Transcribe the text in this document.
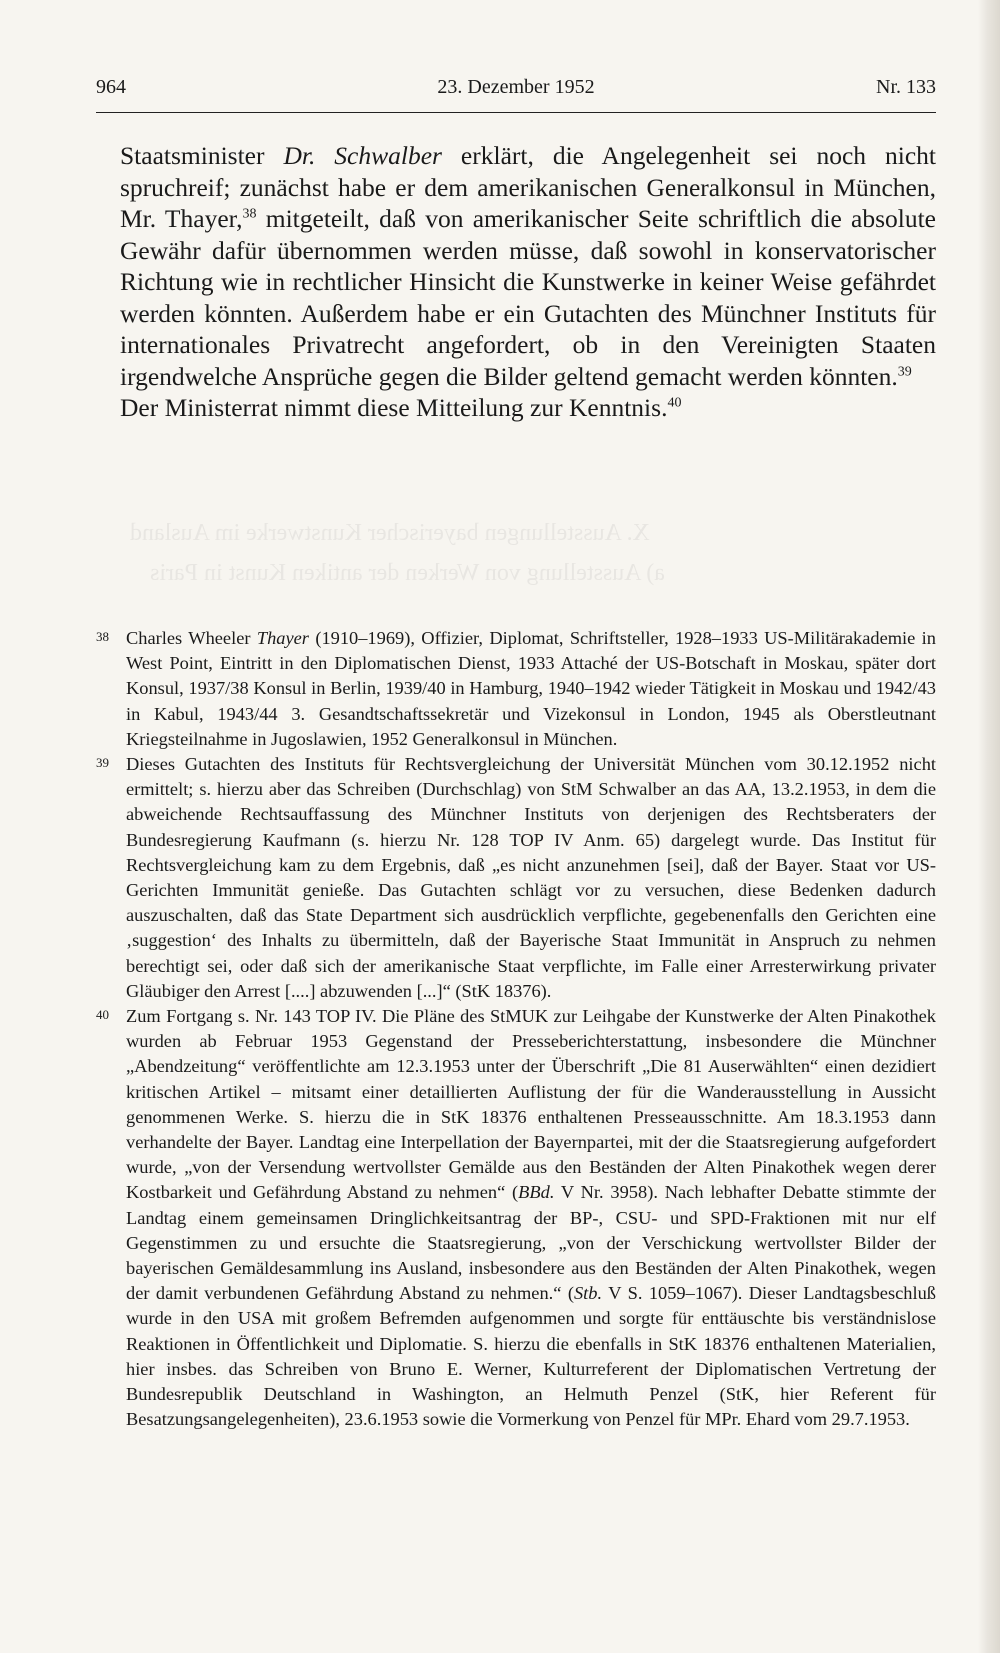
X. Ausstellungen bayerischer Kunstwerke im Ausland
a) Ausstellung von Werken der antiken Kunst in Paris
964	23. Dezember 1952	Nr. 133

Staatsminister Dr. Schwalber erklärt, die Angelegenheit sei noch nicht spruchreif; zunächst habe er dem amerikanischen Generalkonsul in München, Mr. Thayer,$^{38}$ mitgeteilt, daß von amerikanischer Seite schriftlich die absolute Gewähr dafür übernommen werden müsse, daß sowohl in konservatorischer Richtung wie in rechtlicher Hinsicht die Kunstwerke in keiner Weise gefährdet werden könnten. Außerdem habe er ein Gutachten des Münchner Instituts für internationales Privatrecht angefordert, ob in den Vereinigten Staaten irgendwelche Ansprüche gegen die Bilder geltend gemacht werden könnten.$^{39}$

Der Ministerrat nimmt diese Mitteilung zur Kenntnis.$^{40}$

38 Charles Wheeler Thayer (1910–1969), Offizier, Diplomat, Schriftsteller, 1928–1933 US-Militärakademie in West Point, Eintritt in den Diplomatischen Dienst, 1933 Attaché der US-Botschaft in Moskau, später dort Konsul, 1937/38 Konsul in Berlin, 1939/40 in Hamburg, 1940–1942 wieder Tätigkeit in Moskau und 1942/43 in Kabul, 1943/44 3. Gesandtschaftssekretär und Vizekonsul in London, 1945 als Oberstleutnant Kriegsteilnahme in Jugoslawien, 1952 Generalkonsul in München.
39 Dieses Gutachten des Instituts für Rechtsvergleichung der Universität München vom 30.12.1952 nicht ermittelt; s. hierzu aber das Schreiben (Durchschlag) von StM Schwalber an das AA, 13.2.1953, in dem die abweichende Rechtsauffassung des Münchner Instituts von derjenigen des Rechtsberaters der Bundesregierung Kaufmann (s. hierzu Nr. 128 TOP IV Anm. 65) dargelegt wurde. Das Institut für Rechtsvergleichung kam zu dem Ergebnis, daß „es nicht anzunehmen [sei], daß der Bayer. Staat vor US-Gerichten Immunität genieße. Das Gutachten schlägt vor zu versuchen, diese Bedenken dadurch auszuschalten, daß das State Department sich ausdrücklich verpflichte, gegebenenfalls den Gerichten eine ‚suggestion‘ des Inhalts zu übermitteln, daß der Bayerische Staat Immunität in Anspruch zu nehmen berechtigt sei, oder daß sich der amerikanische Staat verpflichte, im Falle einer Arresterwirkung privater Gläubiger den Arrest [....] abzuwenden [...]“ (StK 18376).
40 Zum Fortgang s. Nr. 143 TOP IV. Die Pläne des StMUK zur Leihgabe der Kunstwerke der Alten Pinakothek wurden ab Februar 1953 Gegenstand der Presseberichterstattung, insbesondere die Münchner „Abendzeitung“ veröffentlichte am 12.3.1953 unter der Überschrift „Die 81 Auserwählten“ einen dezidiert kritischen Artikel – mitsamt einer detaillierten Auflistung der für die Wanderausstellung in Aussicht genommenen Werke. S. hierzu die in StK 18376 enthaltenen Presseausschnitte. Am 18.3.1953 dann verhandelte der Bayer. Landtag eine Interpellation der Bayernpartei, mit der die Staatsregierung aufgefordert wurde, „von der Versendung wertvollster Gemälde aus den Beständen der Alten Pinakothek wegen derer Kostbarkeit und Gefährdung Abstand zu nehmen“ (BBd. V Nr. 3958). Nach lebhafter Debatte stimmte der Landtag einem gemeinsamen Dringlichkeitsantrag der BP-, CSU- und SPD-Fraktionen mit nur elf Gegenstimmen zu und ersuchte die Staatsregierung, „von der Verschickung wertvollster Bilder der bayerischen Gemäldesammlung ins Ausland, insbesondere aus den Beständen der Alten Pinakothek, wegen der damit verbundenen Gefährdung Abstand zu nehmen.“ (Stb. V S. 1059–1067). Dieser Landtagsbeschluß wurde in den USA mit großem Befremden aufgenommen und sorgte für enttäuschte bis verständnislose Reaktionen in Öffentlichkeit und Diplomatie. S. hierzu die ebenfalls in StK 18376 enthaltenen Materialien, hier insbes. das Schreiben von Bruno E. Werner, Kulturreferent der Diplomatischen Vertretung der Bundesrepublik Deutschland in Washington, an Helmuth Penzel (StK, hier Referent für Besatzungsangelegenheiten), 23.6.1953 sowie die Vormerkung von Penzel für MPr. Ehard vom 29.7.1953.
